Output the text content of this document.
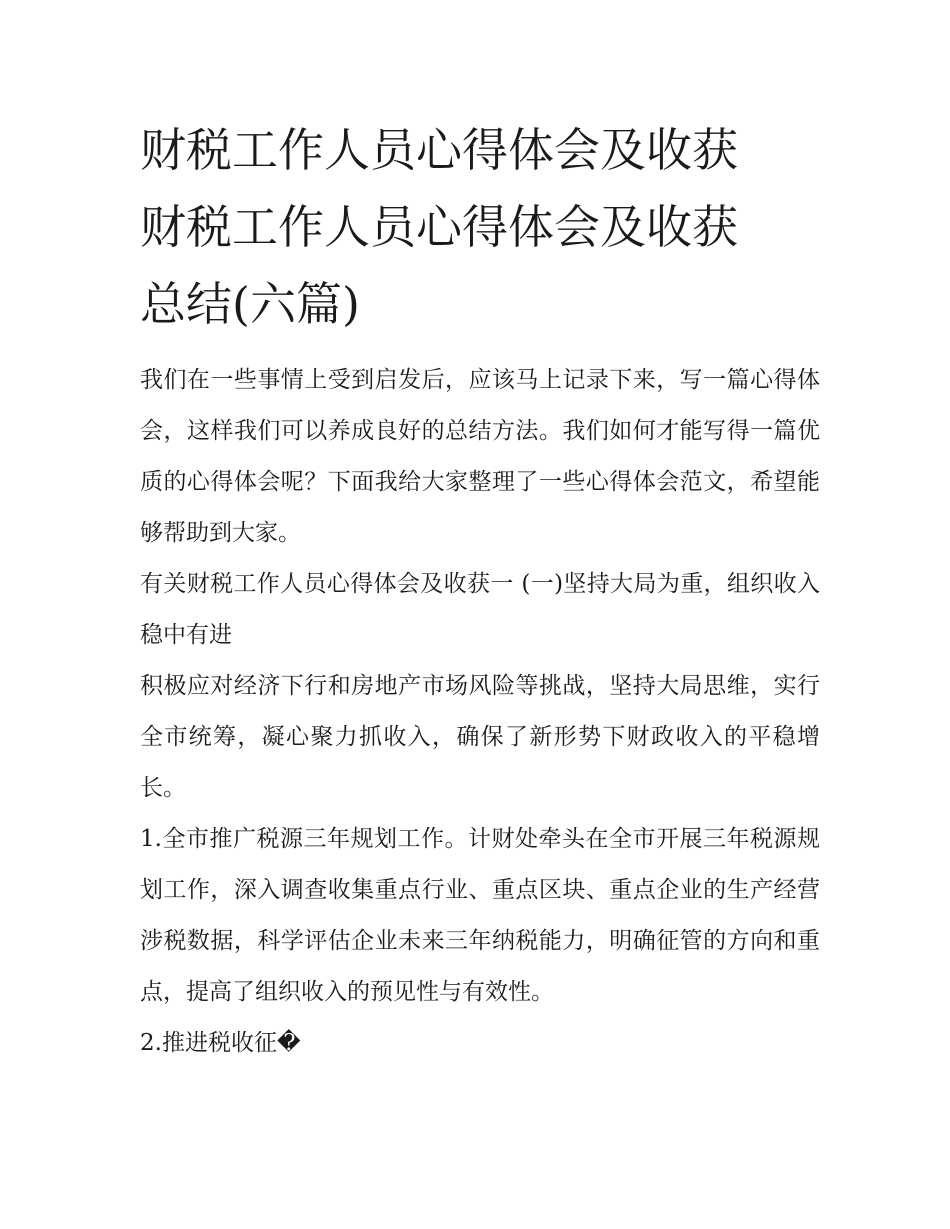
财税工作人员心得体会及收获
财税工作人员心得体会及收获
总结(六篇)

我们在一些事情上受到启发后，应该马上记录下来，写一篇心得体会，这样我们可以养成良好的总结方法。我们如何才能写得一篇优质的心得体会呢？下面我给大家整理了一些心得体会范文，希望能够帮助到大家。

有关财税工作人员心得体会及收获一 (一)坚持大局为重，组织收入稳中有进

积极应对经济下行和房地产市场风险等挑战，坚持大局思维，实行全市统筹，凝心聚力抓收入，确保了新形势下财政收入的平稳增长。

1.全市推广税源三年规划工作。计财处牵头在全市开展三年税源规划工作，深入调查收集重点行业、重点区块、重点企业的生产经营涉税数据，科学评估企业未来三年纳税能力，明确征管的方向和重点，提高了组织收入的预见性与有效性。

2.推进税收征�
